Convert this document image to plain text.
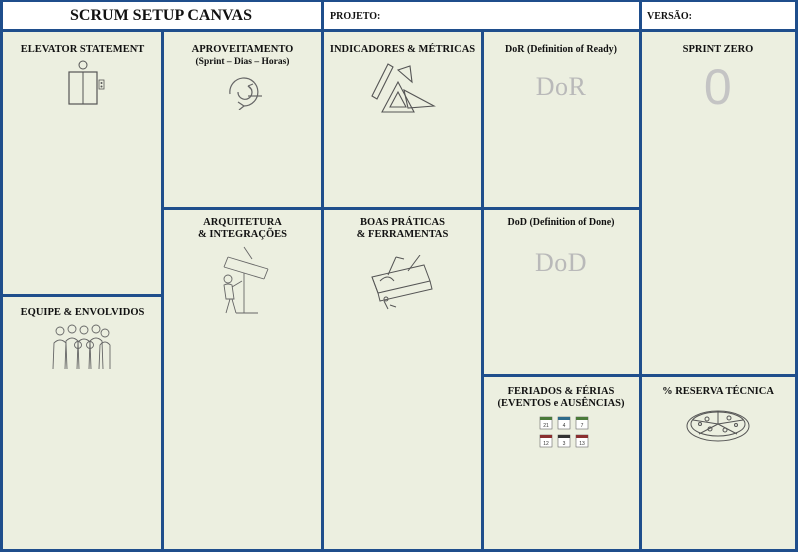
SCRUM SETUP CANVAS	PROJETO:	VERSÃO:
ELEVATOR STATEMENT
EQUIPE & ENVOLVIDOS
APROVEITAMENTO
(Sprint – Dias – Horas)
ARQUITETURA
& INTEGRAÇÕES
INDICADORES & MÉTRICAS
BOAS PRÁTICAS
& FERRAMENTAS
DoR (Definition of Ready)
DoR
DoD (Definition of Done)
DoD
FERIADOS & FÉRIAS
(EVENTOS e AUSÊNCIAS)
21	4	7
12	3	13
SPRINT ZERO
0
% RESERVA TÉCNICA
